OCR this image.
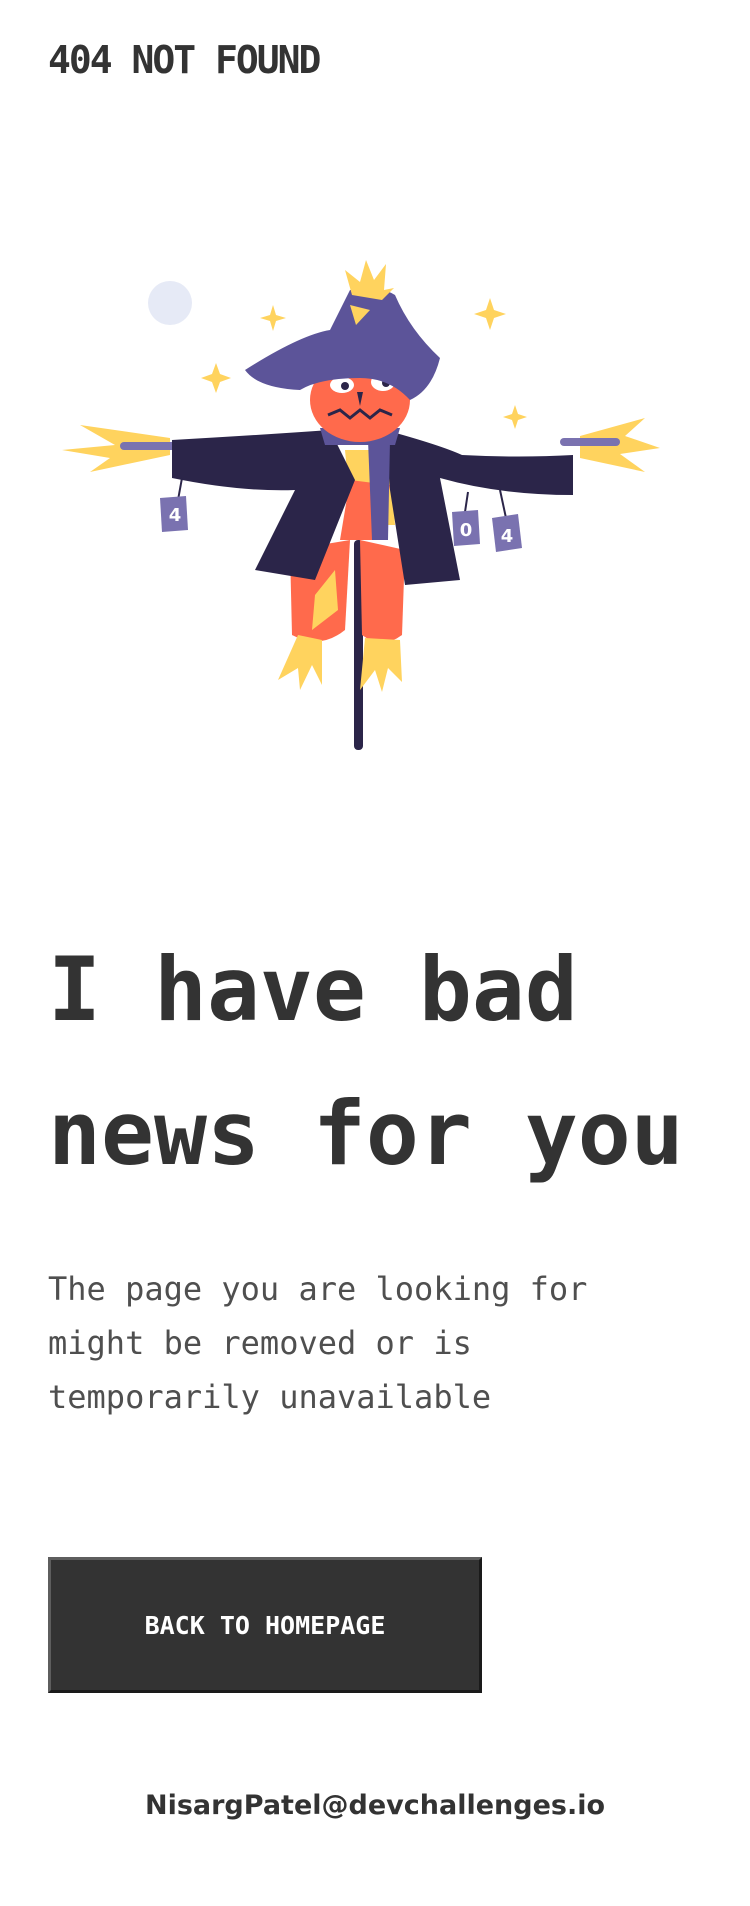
404 NOT FOUND
4
0 4
I have bad
news for you

The page you are looking for
might be removed or is
temporarily unavailable

BACK TO HOMEPAGE
NisargPatel@devchallenges.io
